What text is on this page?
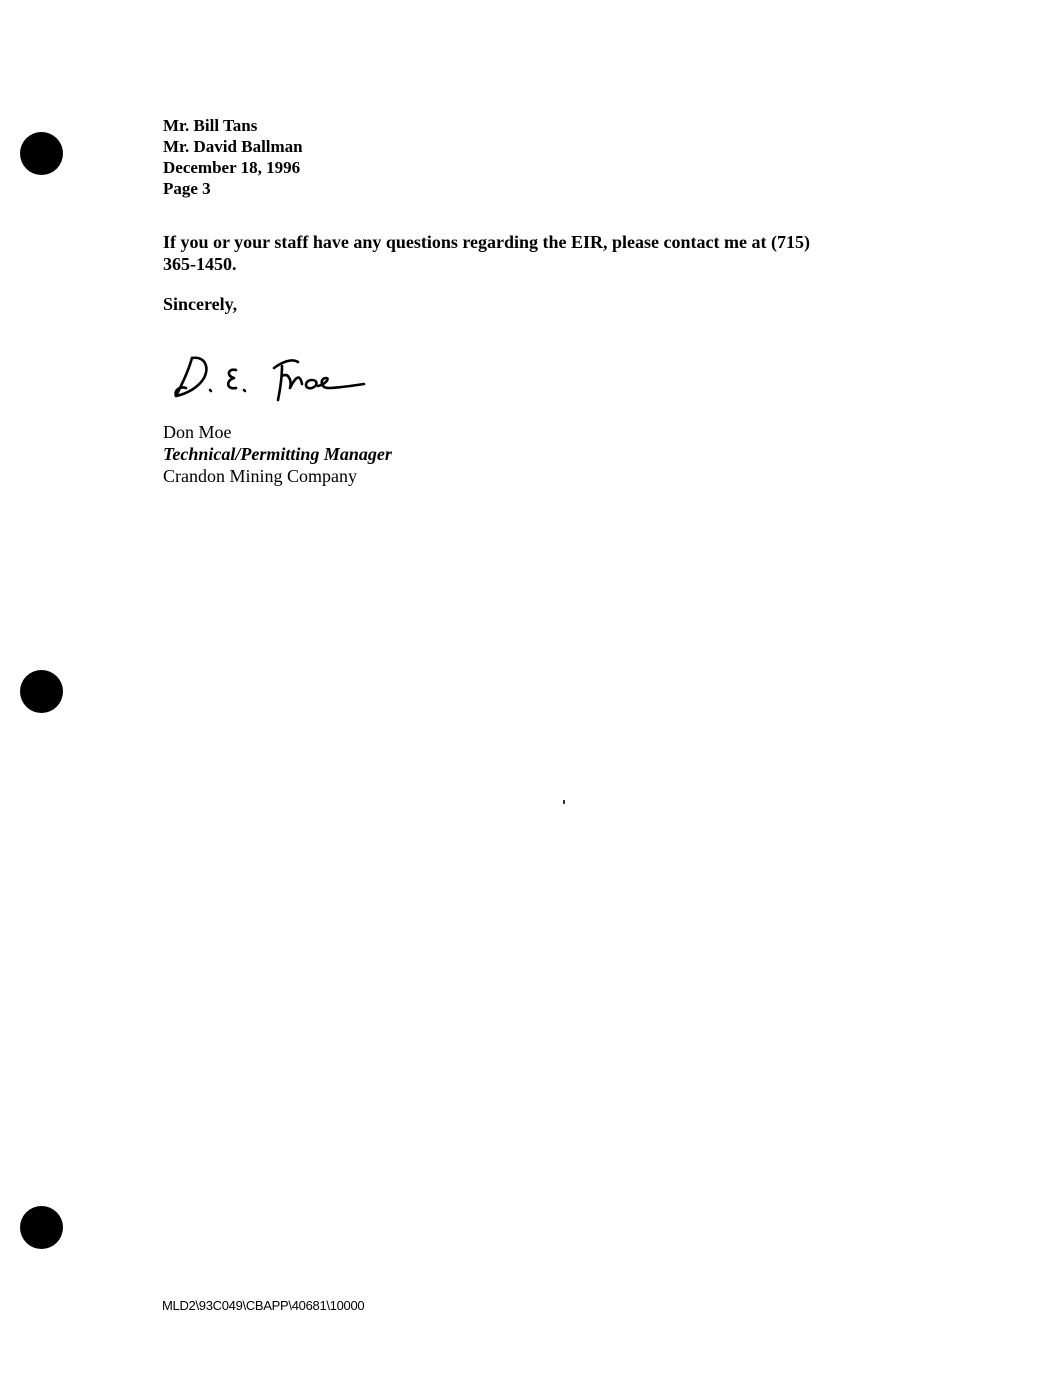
Mr. Bill Tans
Mr. David Ballman
December 18, 1996
Page 3
If you or your staff have any questions regarding the EIR, please contact me at (715) 365-1450.
Sincerely,
Don Moe
Technical/Permitting Manager
Crandon Mining Company
MLD2\93C049\CBAPP\40681\10000
